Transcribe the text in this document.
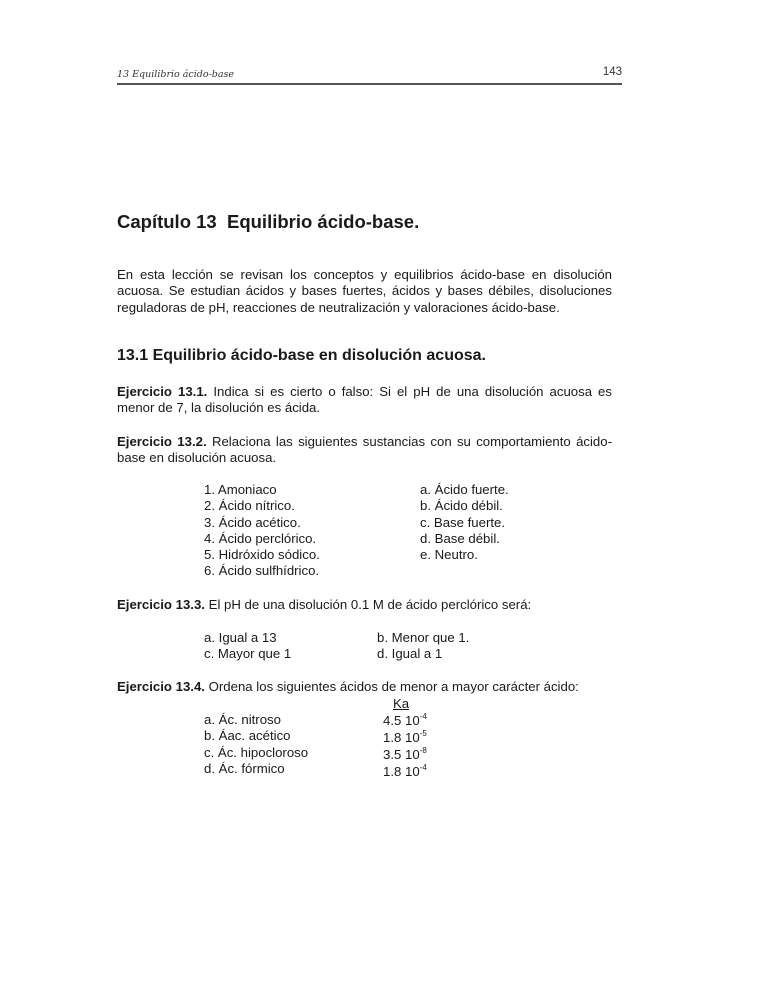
13 Equilibrio ácido-base	143
Capítulo 13  Equilibrio ácido-base.
En esta lección se revisan los conceptos y equilibrios ácido-base en disolución acuosa. Se estudian ácidos y bases fuertes, ácidos y bases débiles, disoluciones reguladoras de pH, reacciones de neutralización y valoraciones ácido-base.
13.1 Equilibrio ácido-base en disolución acuosa.
Ejercicio 13.1. Indica si es cierto o falso: Si el pH de una disolución acuosa es menor de 7, la disolución es ácida.
Ejercicio 13.2. Relaciona las siguientes sustancias con su comportamiento ácido-base en disolución acuosa.
1. Amoniaco
2. Ácido nítrico.
3. Ácido acético.
4. Ácido perclórico.
5. Hidróxido sódico.
6. Ácido sulfhídrico.
a. Ácido fuerte.
b. Ácido débil.
c. Base fuerte.
d. Base débil.
e. Neutro.
Ejercicio 13.3. El pH de una disolución 0.1 M de ácido perclórico será:
a. Igual a 13
c. Mayor que 1
b. Menor que 1.
d. Igual a 1
Ejercicio 13.4. Ordena los siguientes ácidos de menor a mayor carácter ácido:
a. Ác. nitroso
b. Áac. acético
c. Ác. hipocloroso
d. Ác. fórmico
Ka
4.5 $10^{-4}$
1.8 $10^{-5}$
3.5 $10^{-8}$
1.8 $10^{-4}$
